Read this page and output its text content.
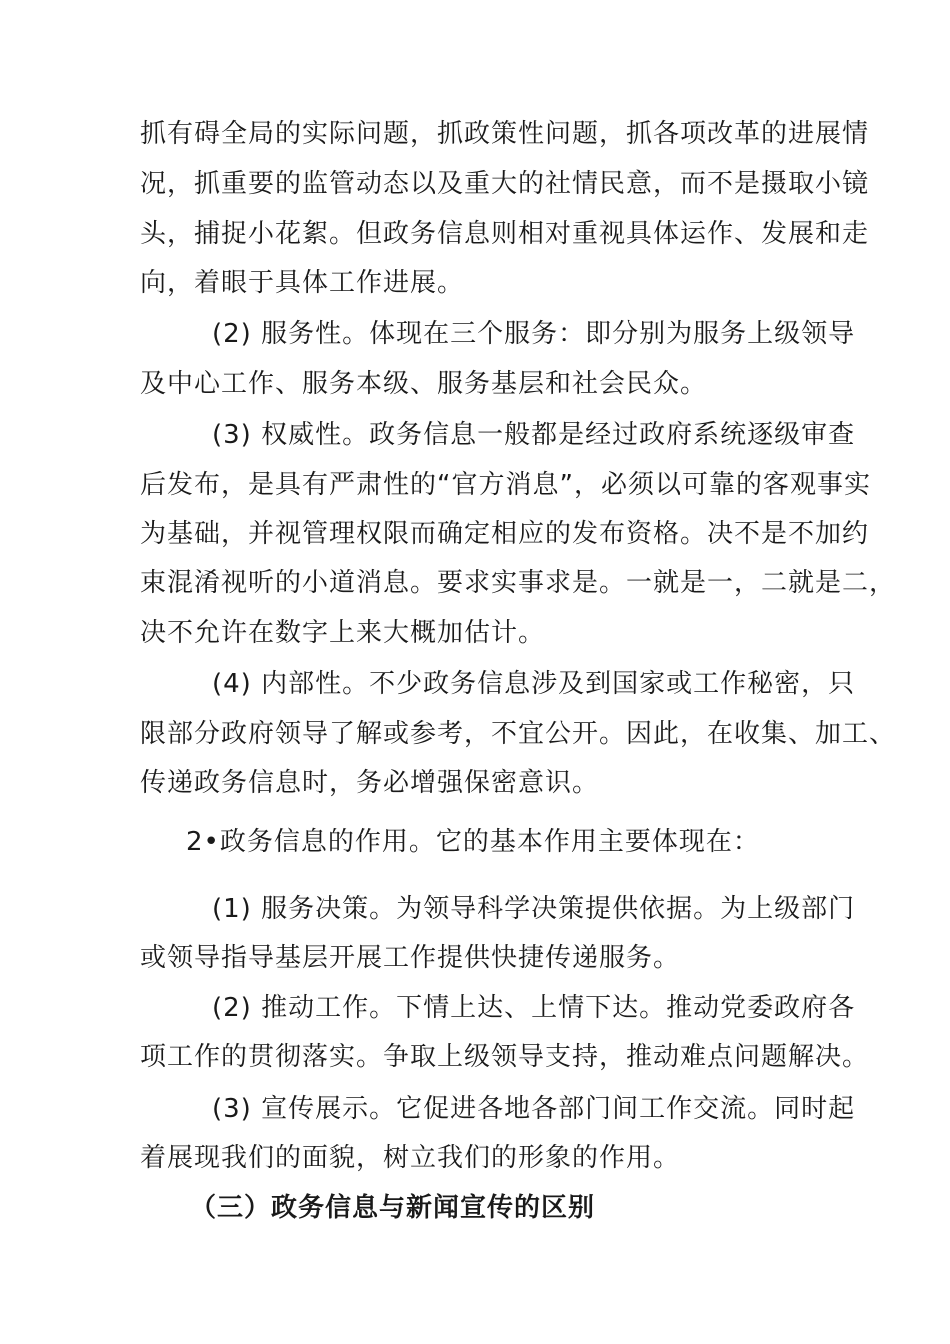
抓有碍全局的实际问题，抓政策性问题，抓各项改革的进展情
况，抓重要的监管动态以及重大的社情民意，而不是摄取小镜
头，捕捉小花絮。但政务信息则相对重视具体运作、发展和走
向，着眼于具体工作进展。
(2) 服务性。体现在三个服务：即分别为服务上级领导
及中心工作、服务本级、服务基层和社会民众。
(3) 权威性。政务信息一般都是经过政府系统逐级审查
后发布，是具有严肃性的“官方消息”，必须以可靠的客观事实
为基础，并视管理权限而确定相应的发布资格。决不是不加约
束混淆视听的小道消息。要求实事求是。一就是一，二就是二，
决不允许在数字上来大概加估计。
(4) 内部性。不少政务信息涉及到国家或工作秘密，只
限部分政府领导了解或参考，不宜公开。因此，在收集、加工、
传递政务信息时，务必增强保密意识。
2•政务信息的作用。它的基本作用主要体现在：
(1) 服务决策。为领导科学决策提供依据。为上级部门
或领导指导基层开展工作提供快捷传递服务。
(2) 推动工作。下情上达、上情下达。推动党委政府各
项工作的贯彻落实。争取上级领导支持，推动难点问题解决。
(3) 宣传展示。它促进各地各部门间工作交流。同时起
着展现我们的面貌，树立我们的形象的作用。
（三）政务信息与新闻宣传的区别
